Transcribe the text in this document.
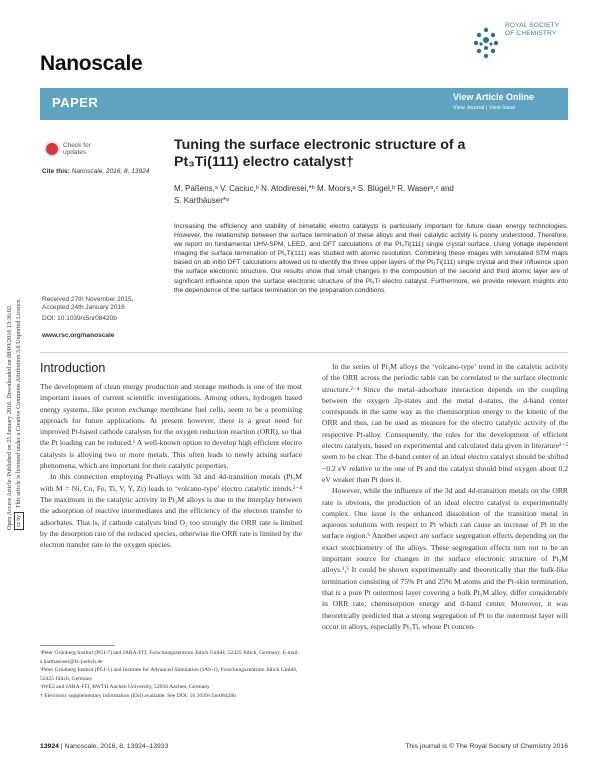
Nanoscale
ROYAL SOCIETY
OF CHEMISTRY
PAPER	View Article Online
View Journal | View Issue
Open Access Article. Published on 25 January 2016. Downloaded on 08/09/2016 13:36:02. cc byThis article is licensed under a Creative Commons Attribution 3.0 Unported Licence.
Check for
updates
Cite this: Nanoscale, 2016, 8, 13924
Received 27th November 2015,
Accepted 24th January 2016
DOI: 10.1039/c5nr08420b
www.rsc.org/nanoscale
Tuning the surface electronic structure of a
Pt₃Ti(111) electro catalyst†
M. Paßens,ᵃ V. Caciuc,ᵇ N. Atodiresei,*ᵇ M. Moors,ᵃ S. Blügel,ᵇ R. Waserᵃ,ᶜ and
S. Karthäuser*ᵃ
Increasing the efficiency and stability of bimetallic electro catalysts is particularly important for future clean energy technologies. However, the relationship between the surface termination of these alloys and their catalytic activity is poorly understood. Therefore, we report on fundamental UHV-SPM, LEED, and DFT calculations of the Pt₃Ti(111) single crystal surface. Using voltage dependent imaging the surface termination of Pt₃Ti(111) was studied with atomic resolution. Combining these images with simulated STM maps based on ab initio DFT calculations allowed us to identify the three upper layers of the Pt₃Ti(111) single crystal and their influence upon the surface electronic structure. Our results show that small changes in the composition of the second and third atomic layer are of significant influence upon the surface electronic structure of the Pt₃Ti electro catalyst. Furthermore, we provide relevant insights into the dependence of the surface termination on the preparation conditions.
Introduction

The development of clean energy production and storage methods is one of the most important issues of current scientific investigations. Among others, hydrogen based energy systems, like proton exchange membrane fuel cells, seem to be a promising approach for future applications. At present however, there is a great need for improved Pt-based cathode catalysts for the oxygen reduction reaction (ORR), so that the Pt loading can be reduced.¹ A well-known option to develop high efficient electro catalysts is alloying two or more metals. This often leads to newly arising surface phenomena, which are important for their catalytic properties.

In this connection employing Pt-alloys with 3d and 4d-transition metals (Pt₃M with M = Ni, Co, Fe, Ti, V, Y, Zr) leads to ‘volcano-type’ electro catalytic trends.²⁻⁴ The maximum in the catalytic activity in Pt₃M alloys is due to the interplay between the adsorption of reactive intermediates and the efficiency of the electron transfer to adsorbates. That is, if cathode catalysts bind O₂ too strongly the ORR rate is limited by the desorption rate of the reduced species, otherwise the ORR rate is limited by the electron transfer rate to the oxygen species.

In the series of Pt₃M alloys the ‘volcano-type’ trend in the catalytic activity of the ORR across the periodic table can be correlated to the surface electronic structure.²⁻⁴ Since the metal–adsorbate interaction depends on the coupling between the oxygen 2p-states and the metal d-states, the d-band center corresponds in the same way as the chemisorption energy to the kinetic of the ORR and thus, can be used as measure for the electro catalytic activity of the respective Pt-alloy. Consequently, the rules for the development of efficient electro catalysts, based on experimental and calculated data given in literature²⁻⁵ seem to be clear. The d-band center of an ideal electro catalyst should be shifted −0.2 eV relative to the one of Pt and the catalyst should bind oxygen about 0.2 eV weaker than Pt does it.

However, while the influence of the 3d and 4d-transition metals on the ORR rate is obvious, the production of an ideal electro catalyst is experimentally complex. One issue is the enhanced dissolution of the transition metal in aqueous solutions with respect to Pt which can cause an increase of Pt in the surface region.⁶ Another aspect are surface segregation effects depending on the exact stoichiometry of the alloys. These segregation effects turn out to be an important source for changes in the surface electronic structure of Pt₃M alloys.³,⁵ It could be shown experimentally and theoretically that the bulk-like termination consisting of 75% Pt and 25% M atoms and the Pt-skin termination, that is a pure Pt outermost layer covering a bulk Pt₃M alloy, differ considerably in ORR rate, chemisorption energy and d-band center. Moreover, it was theoretically predicted that a strong segregation of Pt to the outermost layer will occur in alloys, especially Pt₃Ti, whose Pt concen-

ᵃPeter Grünberg Institut (PGI-7) and JARA-FIT, Forschungszentrum Jülich GmbH, 52425 Jülich, Germany. E-mail: s.karthaeuser@fz-juelich.de
ᵇPeter Grünberg Institut (PGI-1) and Institute for Advanced Simulation (IAS-1), Forschungszentrum Jülich GmbH, 52425 Jülich, Germany
ᶜIWE2 and JARA-FIT, RWTH Aachen University, 52056 Aachen, Germany
† Electronic supplementary information (ESI) available. See DOI: 10.1039/c5nr08420b
13924 | Nanoscale, 2016, 8, 13924–13933	This journal is © The Royal Society of Chemistry 2016
